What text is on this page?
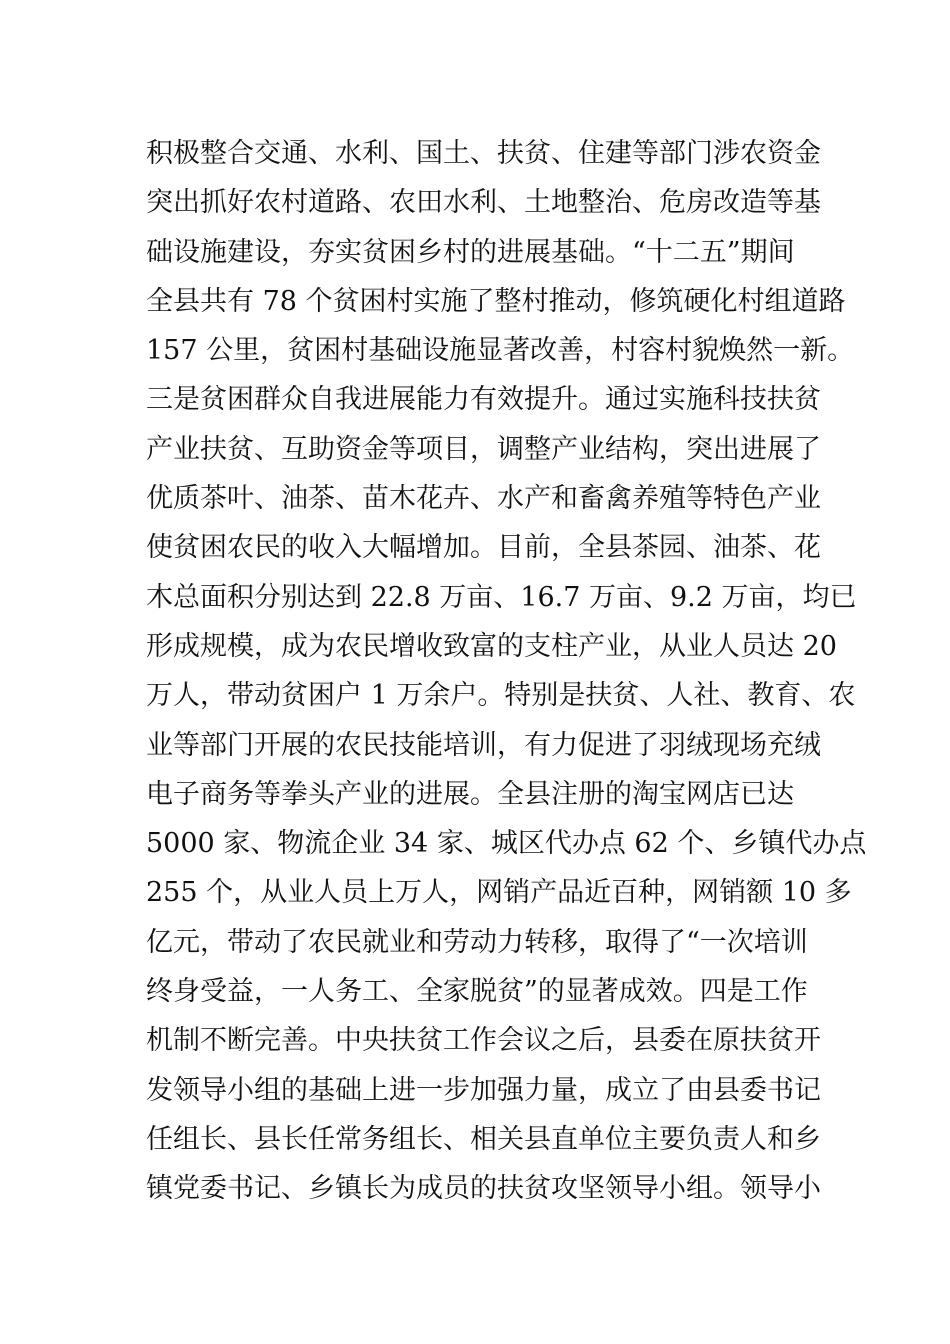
积极整合交通、水利、国土、扶贫、住建等部门涉农资金
突出抓好农村道路、农田水利、土地整治、危房改造等基
础设施建设，夯实贫困乡村的进展基础。“十二五”期间
全县共有 78 个贫困村实施了整村推动，修筑硬化村组道路
157 公里，贫困村基础设施显著改善，村容村貌焕然一新。
三是贫困群众自我进展能力有效提升。通过实施科技扶贫
产业扶贫、互助资金等项目，调整产业结构，突出进展了
优质茶叶、油茶、苗木花卉、水产和畜禽养殖等特色产业
使贫困农民的收入大幅增加。目前，全县茶园、油茶、花
木总面积分别达到 22.8 万亩、16.7 万亩、9.2 万亩，均已
形成规模，成为农民增收致富的支柱产业，从业人员达 20
万人，带动贫困户 1 万余户。特别是扶贫、人社、教育、农
业等部门开展的农民技能培训，有力促进了羽绒现场充绒
电子商务等拳头产业的进展。全县注册的淘宝网店已达
5000 家、物流企业 34 家、城区代办点 62 个、乡镇代办点
255 个，从业人员上万人，网销产品近百种，网销额 10 多
亿元，带动了农民就业和劳动力转移，取得了“一次培训
终身受益，一人务工、全家脱贫”的显著成效。四是工作
机制不断完善。中央扶贫工作会议之后，县委在原扶贫开
发领导小组的基础上进一步加强力量，成立了由县委书记
任组长、县长任常务组长、相关县直单位主要负责人和乡
镇党委书记、乡镇长为成员的扶贫攻坚领导小组。领导小
